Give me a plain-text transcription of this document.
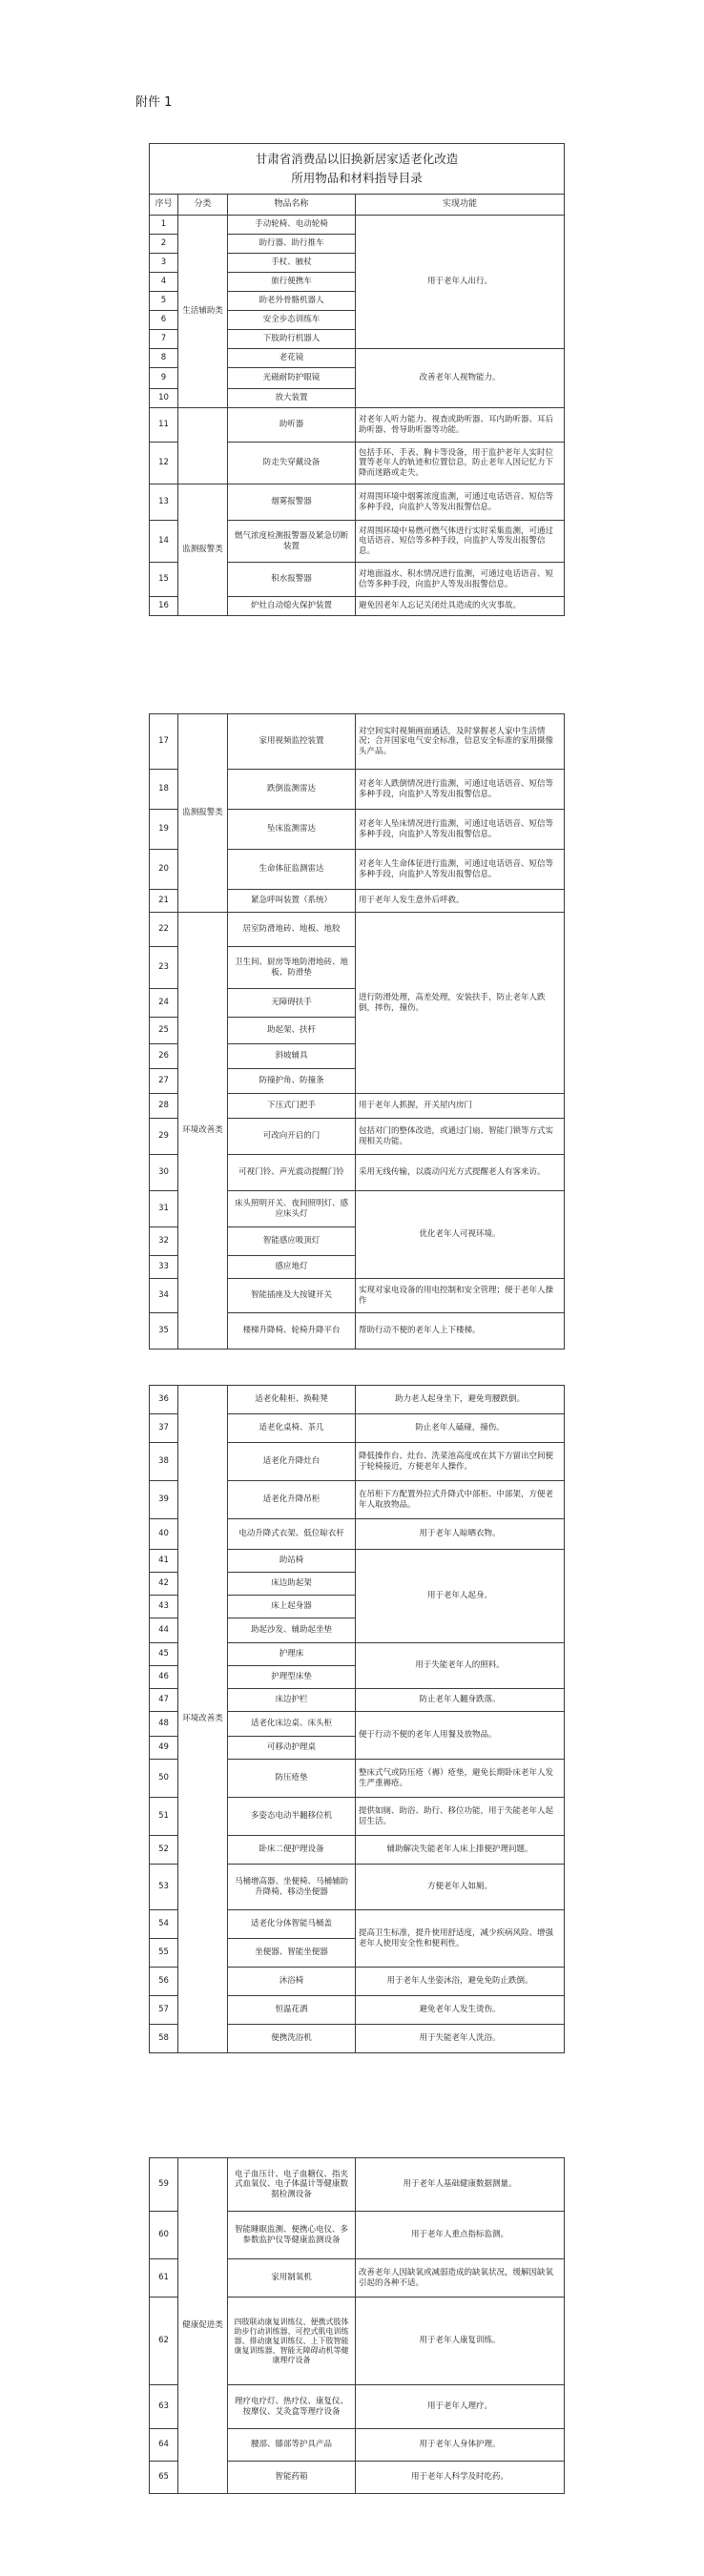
附件 1
甘肃省消费品以旧换新居家适老化改造
所用物品和材料指导目录			

序号	分类	物品名称	实现功能
1	生活辅助类	手动轮椅、电动轮椅	用于老年人出行。
2		助行器、助行推车	
3		手杖、腋杖	
4		旅行便携车	
5		助老外骨骼机器人	
6		安全步态训练车	
7		下肢助行机器人	
8		老花镜	改善老年人视物能力。
9		光磁耐防护眼镜	
10		放大装置	
11		助听器	对老年人听力能力、视查或助听器、耳内助听器、耳后助听器、骨导助听器等功能。
12		防走失穿戴设备	包括手环、手表、胸卡等设备，用于监护老年人实时位置等老年人的轨迹和位置信息，防止老年人因记忆力下降而迷路或走失。
13	监测报警类	烟雾报警器	对周围环境中烟雾浓度监测，可通过电话语音、短信等多种手段，向监护人等发出报警信息。
14		燃气浓度检测报警器及紧急切断装置	对周围环境中易燃可燃气体进行实时采集监测，可通过电话语音、短信等多种手段，向监护人等发出报警信息。
15		积水报警器	对地面溢水、积水情况进行监测，可通过电话语音、短信等多种手段，向监护人等发出报警信息。
16		炉灶自动熄火保护装置	避免因老年人忘记关闭灶具造成的火灾事故。
17	监测报警类	家用视频监控装置	对空间实时视频画面通话，及时掌握老人家中生活情况；合并国家电气安全标准，信息安全标准的家用摄像头产品。
18		跌倒监测雷达	对老年人跌倒情况进行监测，可通过电话语音、短信等多种手段，向监护人等发出报警信息。
19		坠床监测雷达	对老年人坠床情况进行监测，可通过电话语音、短信等多种手段，向监护人等发出报警信息。
20		生命体征监测雷达	对老年人生命体征进行监测，可通过电话语音、短信等多种手段，向监护人等发出报警信息。
21		紧急呼叫装置（系统）	用于老年人发生意外后呼救。
22	环境改善类	居室防滑地砖、地板、地胶	进行防滑处理，高差处理，安装扶手，防止老年人跌倒，摔伤，撞伤。
23		卫生间、厨房等地防滑地砖、地板、防滑垫	
24		无障碍扶手	
25		助起架、扶杆	
26		斜坡辅具	
27		防撞护角、防撞条	
28		下压式门把手	用于老年人抓握，开关屋内房门
29		可改向开启的门	包括对门的整体改造，或通过门扇、智能门锁等方式实现相关功能。
30		可视门铃、声光震动提醒门铃	采用无线传输，以震动闪光方式提醒老人有客来访。
31		床头照明开关、夜间照明灯、感应床头灯	优化老年人可视环境。
32		智能感应吸顶灯	
33		感应地灯	
34		智能插座及大按键开关	实现对家电设备的用电控制和安全管理；便于老年人操作
35		楼梯升降椅、轮椅升降平台	帮助行动不便的老年人上下楼梯。
36	环境改善类	适老化鞋柜、换鞋凳	助力老人起身坐下，避免弯腰跌倒。
37		适老化桌椅、茶几	防止老年人磕碰，撞伤。
38		适老化升降灶台	降低操作台、灶台、洗菜池高度或在其下方留出空间便于轮椅接近，方便老年人操作。
39		适老化升降吊柜	在吊柜下方配置外拉式升降式中部柜、中部架，方便老年人取放物品。
40		电动升降式衣架、低位晾衣杆	用于老年人晾晒衣物。
41		助站椅	用于老年人起身。
42		床边助起架	
43		床上起身器	
44		助起沙发、辅助起坐垫	
45		护理床	用于失能老年人的照料。
46		护理型床垫	
47		床边护栏	防止老年人翻身跌落。
48		适老化床边桌、床头柜	便于行动不便的老年人用餐及放物品。
49		可移动护理桌	
50		防压疮垫	整床式气或防压疮（褥）疮垫，避免长期卧床老年人发生严重褥疮。
51		多姿态电动半翻移位机	提供如厕、助浴、助行、移位功能，用于失能老年人起居生活。
52		卧床二便护理设备	辅助解决失能老年人床上排便护理问题。
53		马桶增高器、坐便椅、马桶辅助升降椅、移动坐便器	方便老年人如厕。
54		适老化分体智能马桶盖	提高卫生标准，提升使用舒适度，减少疾病风险、增强老年人使用安全性和便利性。
55		坐便器、智能坐便器	
56		沐浴椅	用于老年人坐姿沐浴，避免免防止跌倒。
57		恒温花洒	避免老年人发生烫伤。
58		便携洗浴机	用于失能老年人洗浴。
59	健康促进类	电子血压计、电子血糖仪、指夹式血氧仪、电子体温计等健康数据检测设备	用于老年人基础健康数据测量。
60		智能睡眠监测、便携心电仪、多参数监护仪等健康监测设备	用于老年人重点指标监测。
61		家用制氧机	改善老年人因缺氧或减弱造成的缺氧状况，缓解因缺氧引起的各种不适。
62		四肢联动康复训练仪、便携式肢体助步行动训练器、可控式肌电训练器、排动康复训练仪、上下肢智能康复训练器、智能无障碍动机等健康理疗设备	用于老年人康复训练。
63		理疗电疗灯、热疗仪、康复仪、按摩仪、艾灸盒等理疗设备	用于老年人理疗。
64		腰部、膝部等护具产品	用于老年人身体护理。
65		智能药箱	用于老年人科学及时吃药。
